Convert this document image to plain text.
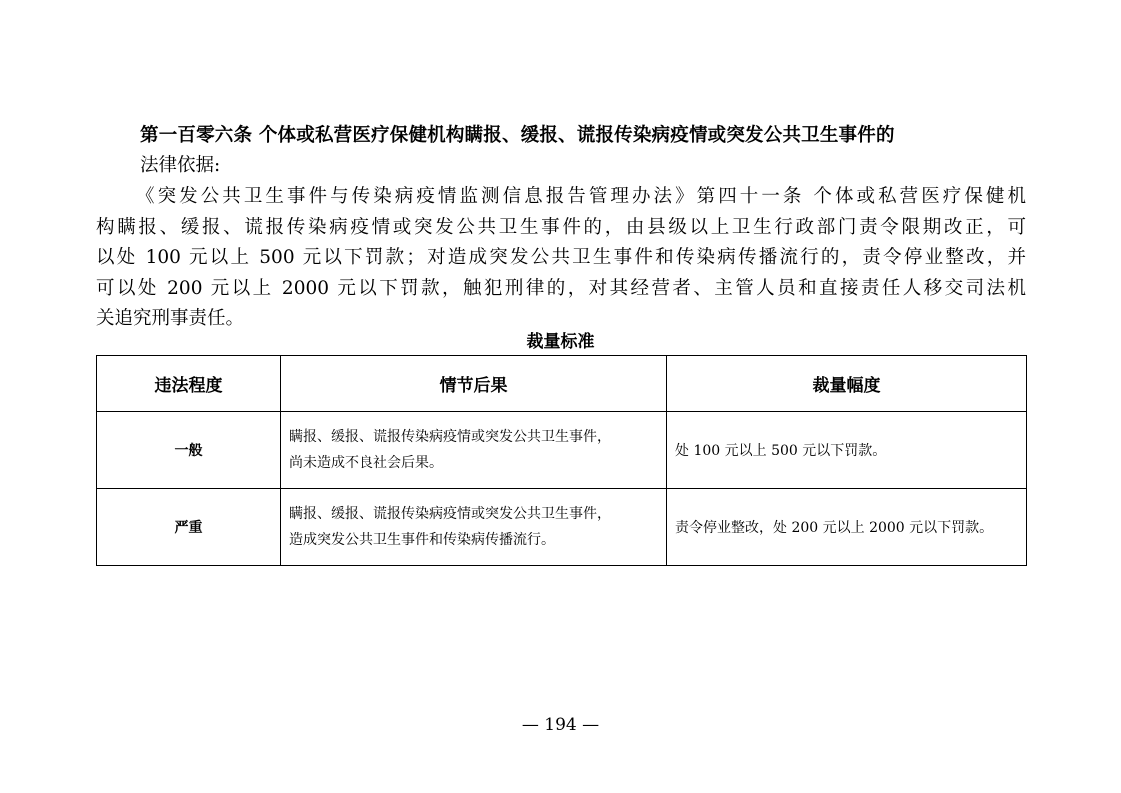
第一百零六条 个体或私营医疗保健机构瞒报、缓报、谎报传染病疫情或突发公共卫生事件的
法律依据:
《突发公共卫生事件与传染病疫情监测信息报告管理办法》第四十一条 个体或私营医疗保健机
构瞒报、缓报、谎报传染病疫情或突发公共卫生事件的，由县级以上卫生行政部门责令限期改正，可
以处 100 元以上 500 元以下罚款；对造成突发公共卫生事件和传染病传播流行的，责令停业整改，并
可以处 200 元以上 2000 元以下罚款，触犯刑律的，对其经营者、主管人员和直接责任人移交司法机
关追究刑事责任。
裁量标准
违法程度	情节后果	裁量幅度
一般	瞒报、缓报、谎报传染病疫情或突发公共卫生事件，
尚未造成不良社会后果。	处 100 元以上 500 元以下罚款。
严重	瞒报、缓报、谎报传染病疫情或突发公共卫生事件，
造成突发公共卫生事件和传染病传播流行。	责令停业整改，处 200 元以上 2000 元以下罚款。
— 194 —
